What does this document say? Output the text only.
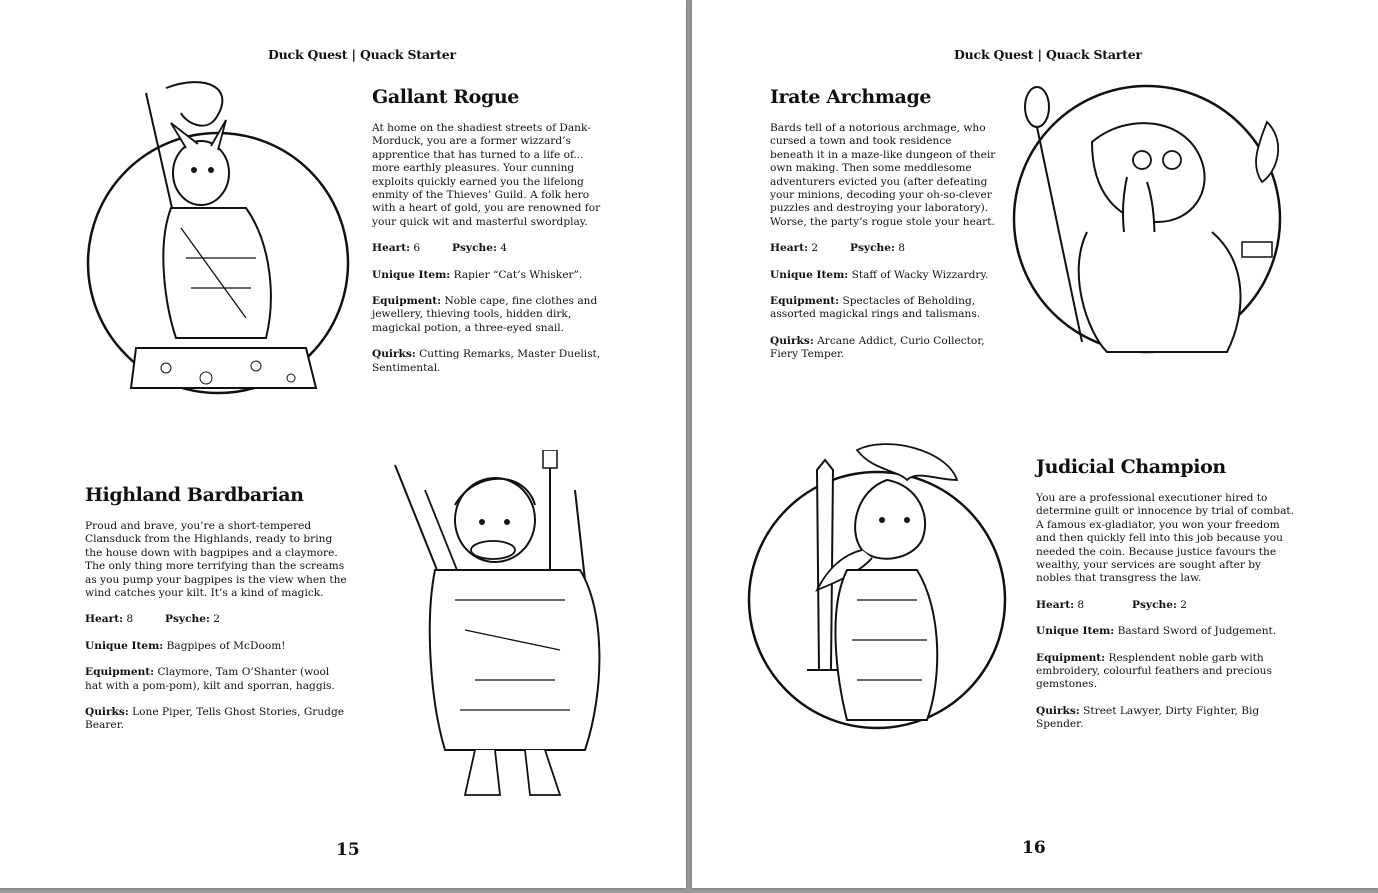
Duck Quest | Quack Starter
Gallant Rogue

At home on the shadiest streets of Dank-Morduck, you are a former wizzard’s apprentice that has turned to a life of... more earthly pleasures. Your cunning exploits quickly earned you the lifelong enmity of the Thieves’ Guild. A folk hero with a heart of gold, you are renowned for your quick wit and masterful swordplay.

Heart: 6	Psyche: 4

Unique Item: Rapier “Cat’s Whisker”.

Equipment: Noble cape, fine clothes and jewellery, thieving tools, hidden dirk, magickal potion, a three-eyed snail.

Quirks: Cutting Remarks, Master Duelist, Sentimental.

Highland Bardbarian

Proud and brave, you’re a short-tempered Clansduck from the Highlands, ready to bring the house down with bagpipes and a claymore. The only thing more terrifying than the screams as you pump your bagpipes is the view when the wind catches your kilt. It’s a kind of magick.

Heart: 8	Psyche: 2

Unique Item: Bagpipes of McDoom!

Equipment: Claymore, Tam O’Shanter (wool hat with a pom-pom), kilt and sporran, haggis.

Quirks: Lone Piper, Tells Ghost Stories, Grudge Bearer.

15
Duck Quest | Quack Starter
Irate Archmage

Bards tell of a notorious archmage, who cursed a town and took residence beneath it in a maze-like dungeon of their own making. Then some meddlesome adventurers evicted you (after defeating your minions, decoding your oh-so-clever puzzles and destroying your laboratory). Worse, the party’s rogue stole your heart.

Heart: 2	Psyche: 8

Unique Item: Staff of Wacky Wizzardry.

Equipment: Spectacles of Beholding, assorted magickal rings and talismans.

Quirks: Arcane Addict, Curio Collector, Fiery Temper.

Judicial Champion

You are a professional executioner hired to determine guilt or innocence by trial of combat. A famous ex-gladiator, you won your freedom and then quickly fell into this job because you needed the coin. Because justice favours the wealthy, your services are sought after by nobles that transgress the law.

Heart: 8	Psyche: 2

Unique Item: Bastard Sword of Judgement.

Equipment: Resplendent noble garb with embroidery, colourful feathers and precious gemstones.

Quirks: Street Lawyer, Dirty Fighter, Big Spender.

16
